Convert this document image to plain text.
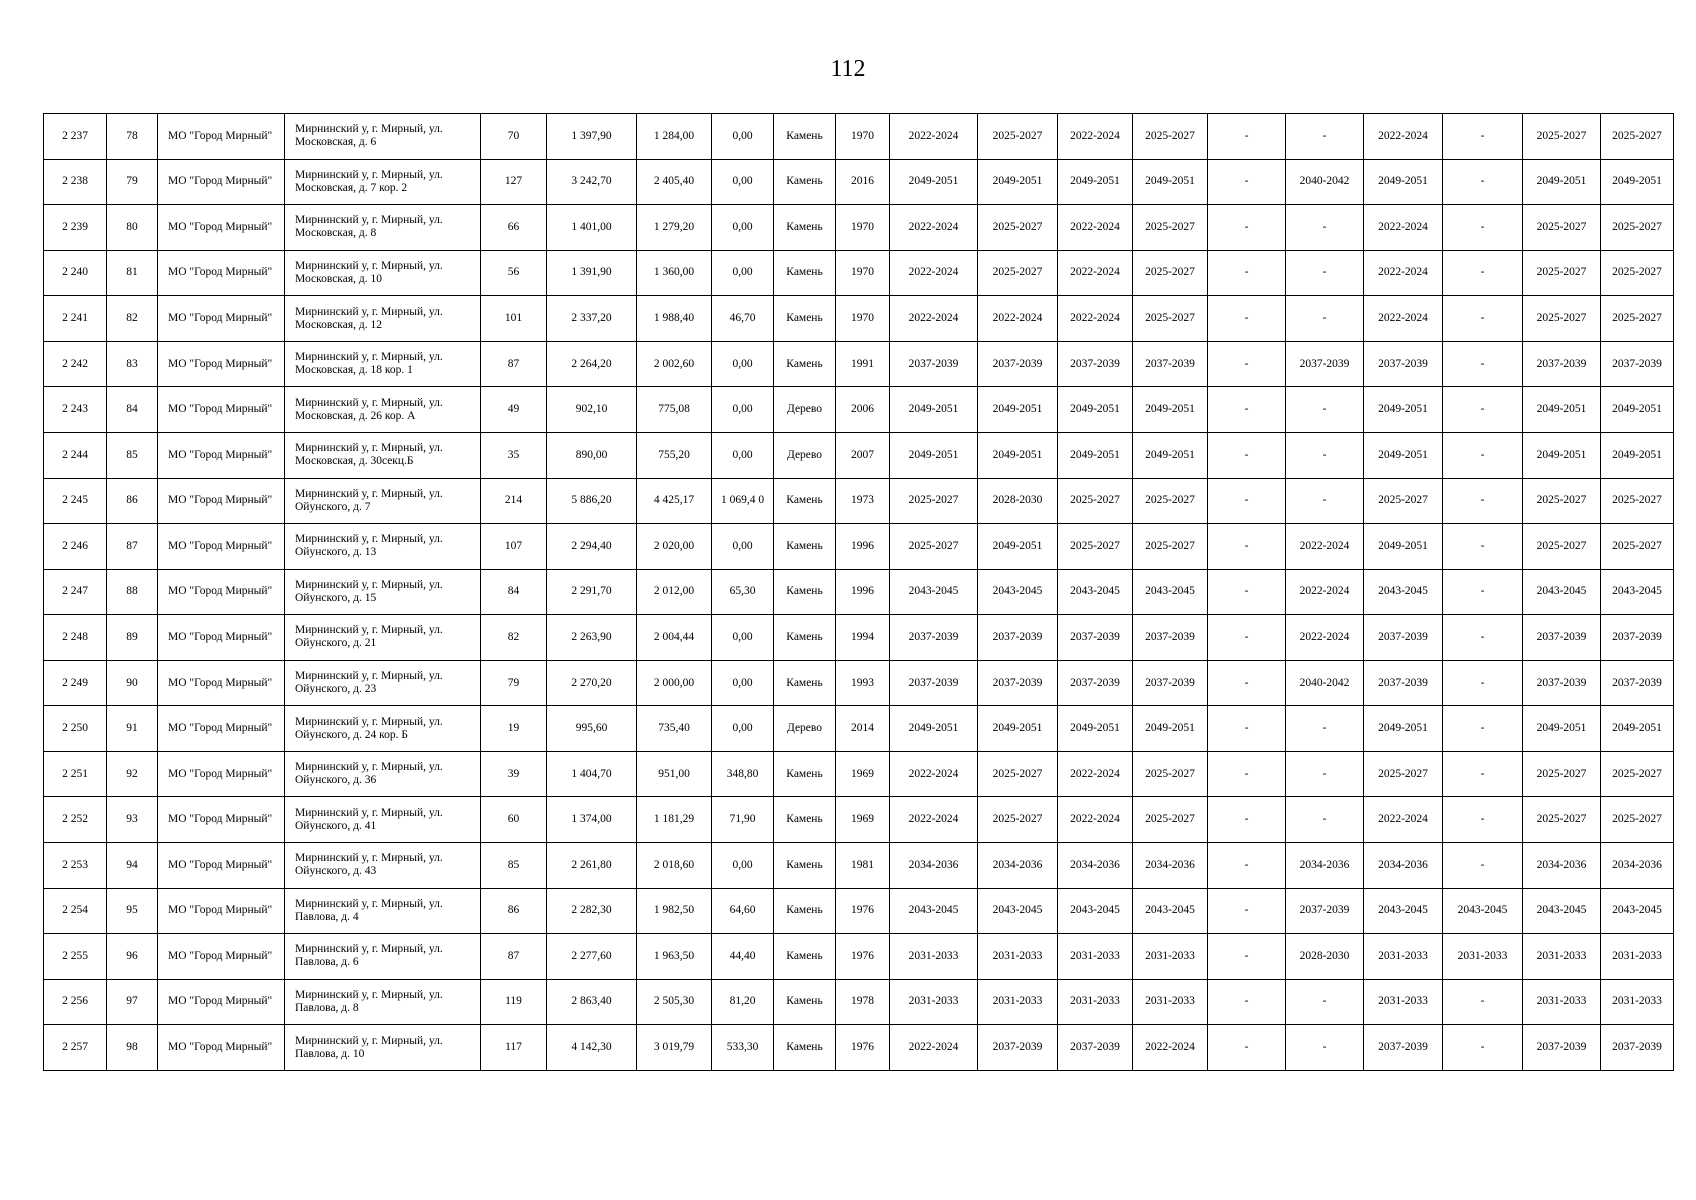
112
2 237	78	МО "Город Мирный"	Мирнинский у, г. Мирный, ул. Московская, д. 6	70	1 397,90	1 284,00	0,00	Камень	1970	2022-2024	2025-2027	2022-2024	2025-2027	-	-	2022-2024	-	2025-2027	2025-2027
2 238	79	МО "Город Мирный"	Мирнинский у, г. Мирный, ул. Московская, д. 7 кор. 2	127	3 242,70	2 405,40	0,00	Камень	2016	2049-2051	2049-2051	2049-2051	2049-2051	-	2040-2042	2049-2051	-	2049-2051	2049-2051
2 239	80	МО "Город Мирный"	Мирнинский у, г. Мирный, ул. Московская, д. 8	66	1 401,00	1 279,20	0,00	Камень	1970	2022-2024	2025-2027	2022-2024	2025-2027	-	-	2022-2024	-	2025-2027	2025-2027
2 240	81	МО "Город Мирный"	Мирнинский у, г. Мирный, ул. Московская, д. 10	56	1 391,90	1 360,00	0,00	Камень	1970	2022-2024	2025-2027	2022-2024	2025-2027	-	-	2022-2024	-	2025-2027	2025-2027
2 241	82	МО "Город Мирный"	Мирнинский у, г. Мирный, ул. Московская, д. 12	101	2 337,20	1 988,40	46,70	Камень	1970	2022-2024	2022-2024	2022-2024	2025-2027	-	-	2022-2024	-	2025-2027	2025-2027
2 242	83	МО "Город Мирный"	Мирнинский у, г. Мирный, ул. Московская, д. 18 кор. 1	87	2 264,20	2 002,60	0,00	Камень	1991	2037-2039	2037-2039	2037-2039	2037-2039	-	2037-2039	2037-2039	-	2037-2039	2037-2039
2 243	84	МО "Город Мирный"	Мирнинский у, г. Мирный, ул. Московская, д. 26 кор. А	49	902,10	775,08	0,00	Дерево	2006	2049-2051	2049-2051	2049-2051	2049-2051	-	-	2049-2051	-	2049-2051	2049-2051
2 244	85	МО "Город Мирный"	Мирнинский у, г. Мирный, ул. Московская, д. 30секц.Б	35	890,00	755,20	0,00	Дерево	2007	2049-2051	2049-2051	2049-2051	2049-2051	-	-	2049-2051	-	2049-2051	2049-2051
2 245	86	МО "Город Мирный"	Мирнинский у, г. Мирный, ул. Ойунского, д. 7	214	5 886,20	4 425,17	1 069,4 0	Камень	1973	2025-2027	2028-2030	2025-2027	2025-2027	-	-	2025-2027	-	2025-2027	2025-2027
2 246	87	МО "Город Мирный"	Мирнинский у, г. Мирный, ул. Ойунского, д. 13	107	2 294,40	2 020,00	0,00	Камень	1996	2025-2027	2049-2051	2025-2027	2025-2027	-	2022-2024	2049-2051	-	2025-2027	2025-2027
2 247	88	МО "Город Мирный"	Мирнинский у, г. Мирный, ул. Ойунского, д. 15	84	2 291,70	2 012,00	65,30	Камень	1996	2043-2045	2043-2045	2043-2045	2043-2045	-	2022-2024	2043-2045	-	2043-2045	2043-2045
2 248	89	МО "Город Мирный"	Мирнинский у, г. Мирный, ул. Ойунского, д. 21	82	2 263,90	2 004,44	0,00	Камень	1994	2037-2039	2037-2039	2037-2039	2037-2039	-	2022-2024	2037-2039	-	2037-2039	2037-2039
2 249	90	МО "Город Мирный"	Мирнинский у, г. Мирный, ул. Ойунского, д. 23	79	2 270,20	2 000,00	0,00	Камень	1993	2037-2039	2037-2039	2037-2039	2037-2039	-	2040-2042	2037-2039	-	2037-2039	2037-2039
2 250	91	МО "Город Мирный"	Мирнинский у, г. Мирный, ул. Ойунского, д. 24 кор. Б	19	995,60	735,40	0,00	Дерево	2014	2049-2051	2049-2051	2049-2051	2049-2051	-	-	2049-2051	-	2049-2051	2049-2051
2 251	92	МО "Город Мирный"	Мирнинский у, г. Мирный, ул. Ойунского, д. 36	39	1 404,70	951,00	348,80	Камень	1969	2022-2024	2025-2027	2022-2024	2025-2027	-	-	2025-2027	-	2025-2027	2025-2027
2 252	93	МО "Город Мирный"	Мирнинский у, г. Мирный, ул. Ойунского, д. 41	60	1 374,00	1 181,29	71,90	Камень	1969	2022-2024	2025-2027	2022-2024	2025-2027	-	-	2022-2024	-	2025-2027	2025-2027
2 253	94	МО "Город Мирный"	Мирнинский у, г. Мирный, ул. Ойунского, д. 43	85	2 261,80	2 018,60	0,00	Камень	1981	2034-2036	2034-2036	2034-2036	2034-2036	-	2034-2036	2034-2036	-	2034-2036	2034-2036
2 254	95	МО "Город Мирный"	Мирнинский у, г. Мирный, ул. Павлова, д. 4	86	2 282,30	1 982,50	64,60	Камень	1976	2043-2045	2043-2045	2043-2045	2043-2045	-	2037-2039	2043-2045	2043-2045	2043-2045	2043-2045
2 255	96	МО "Город Мирный"	Мирнинский у, г. Мирный, ул. Павлова, д. 6	87	2 277,60	1 963,50	44,40	Камень	1976	2031-2033	2031-2033	2031-2033	2031-2033	-	2028-2030	2031-2033	2031-2033	2031-2033	2031-2033
2 256	97	МО "Город Мирный"	Мирнинский у, г. Мирный, ул. Павлова, д. 8	119	2 863,40	2 505,30	81,20	Камень	1978	2031-2033	2031-2033	2031-2033	2031-2033	-	-	2031-2033	-	2031-2033	2031-2033
2 257	98	МО "Город Мирный"	Мирнинский у, г. Мирный, ул. Павлова, д. 10	117	4 142,30	3 019,79	533,30	Камень	1976	2022-2024	2037-2039	2037-2039	2022-2024	-	-	2037-2039	-	2037-2039	2037-2039
